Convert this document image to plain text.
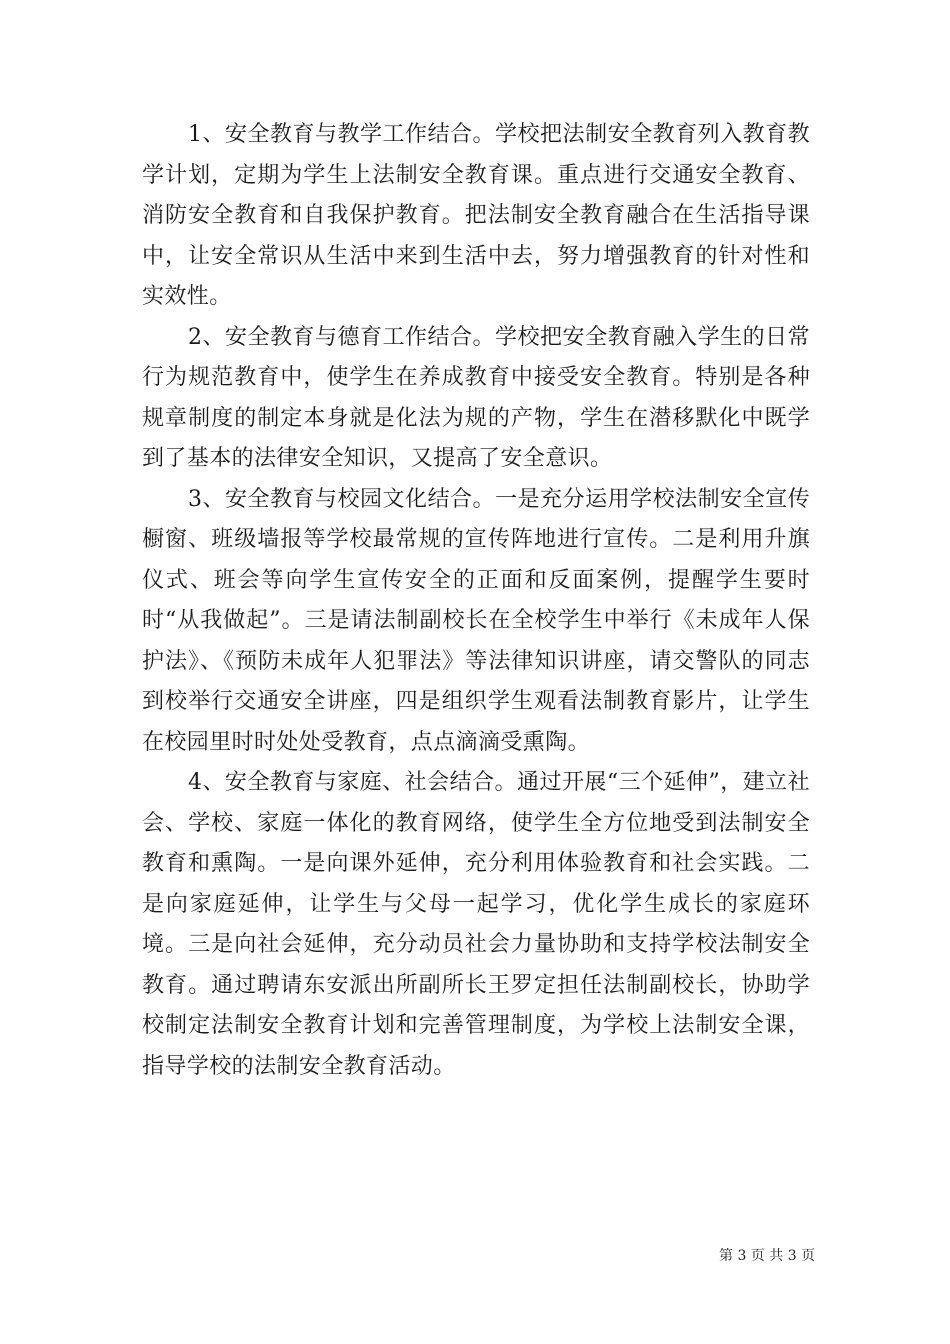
1、安全教育与教学工作结合。学校把法制安全教育列入教育教学计划，定期为学生上法制安全教育课。重点进行交通安全教育、消防安全教育和自我保护教育。把法制安全教育融合在生活指导课中，让安全常识从生活中来到生活中去，努力增强教育的针对性和实效性。

2、安全教育与德育工作结合。学校把安全教育融入学生的日常行为规范教育中，使学生在养成教育中接受安全教育。特别是各种规章制度的制定本身就是化法为规的产物，学生在潜移默化中既学到了基本的法律安全知识，又提高了安全意识。

3、安全教育与校园文化结合。一是充分运用学校法制安全宣传橱窗、班级墙报等学校最常规的宣传阵地进行宣传。二是利用升旗仪式、班会等向学生宣传安全的正面和反面案例，提醒学生要时时“从我做起”。三是请法制副校长在全校学生中举行《未成年人保护法》、《预防未成年人犯罪法》等法律知识讲座，请交警队的同志到校举行交通安全讲座，四是组织学生观看法制教育影片，让学生在校园里时时处处受教育，点点滴滴受熏陶。

4、安全教育与家庭、社会结合。通过开展“三个延伸”，建立社会、学校、家庭一体化的教育网络，使学生全方位地受到法制安全教育和熏陶。一是向课外延伸，充分利用体验教育和社会实践。二是向家庭延伸，让学生与父母一起学习，优化学生成长的家庭环境。三是向社会延伸，充分动员社会力量协助和支持学校法制安全教育。通过聘请东安派出所副所长王罗定担任法制副校长，协助学校制定法制安全教育计划和完善管理制度，为学校上法制安全课，指导学校的法制安全教育活动。

第 3 页 共 3 页
